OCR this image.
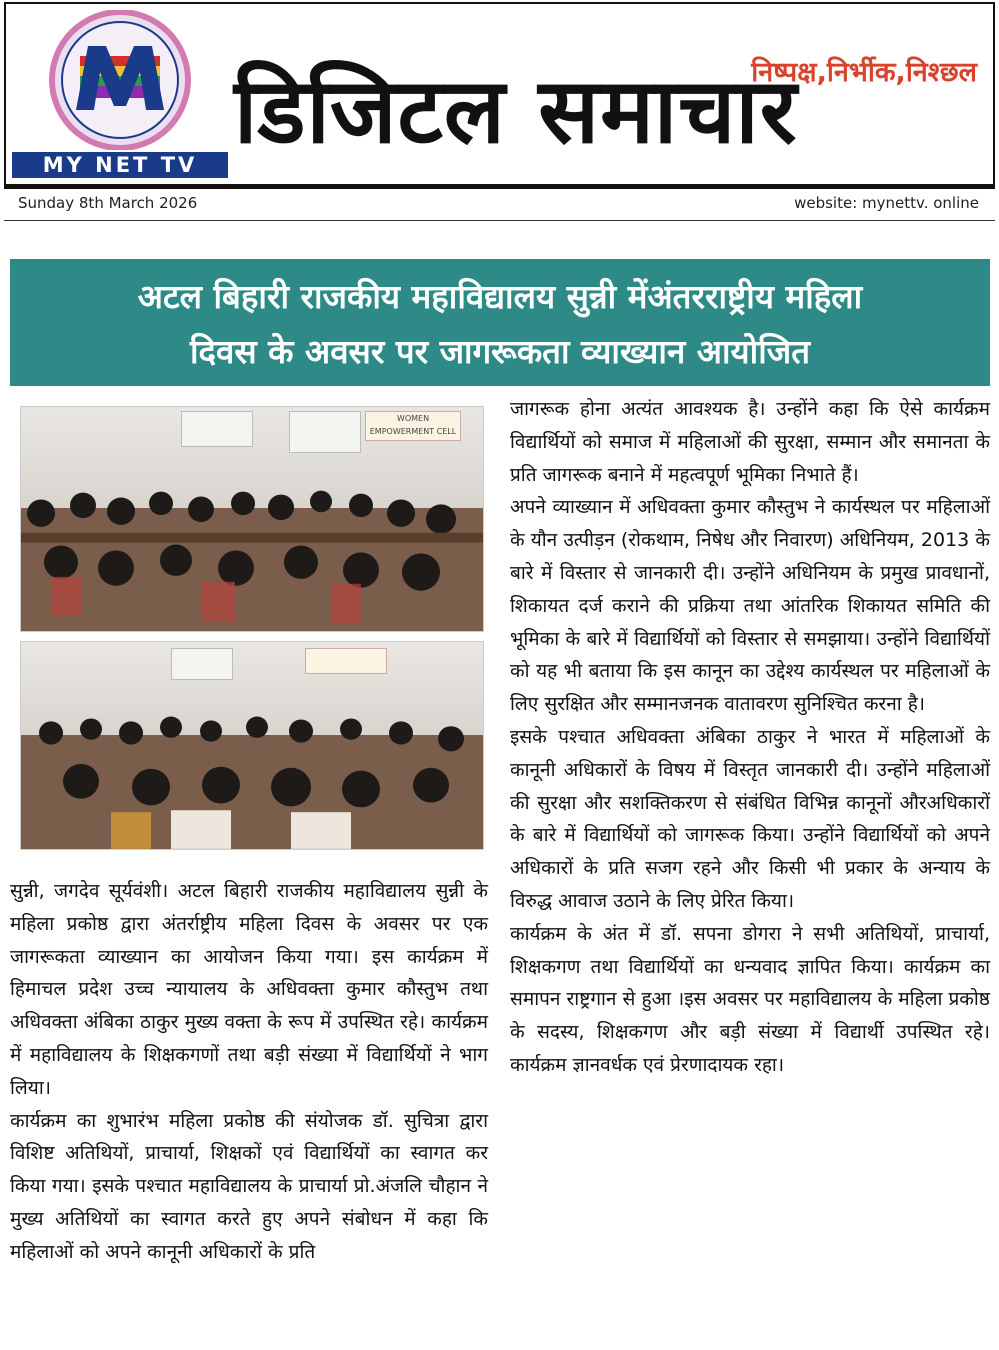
MY NET TV
निष्पक्ष,निर्भीक,निश्छल
डिजिटल समाचार
Sunday 8th March 2026	website: mynettv. online
अटल बिहारी राजकीय महाविद्यालय सुन्नी मेंअंतरराष्ट्रीय महिला
दिवस के अवसर पर जागरूकता व्याख्यान आयोजित
WOMEN EMPOWERMENT CELL

सुन्नी, जगदेव सूर्यवंशी। अटल बिहारी राजकीय महाविद्यालय सुन्नी के महिला प्रकोष्ठ द्वारा अंतर्राष्ट्रीय महिला दिवस के अवसर पर एक जागरूकता व्याख्यान का आयोजन किया गया। इस कार्यक्रम में हिमाचल प्रदेश उच्च न्यायालय के अधिवक्ता कुमार कौस्तुभ तथा अधिवक्ता अंबिका ठाकुर मुख्य वक्ता के रूप में उपस्थित रहे। कार्यक्रम में महाविद्यालय के शिक्षकगणों तथा बड़ी संख्या में विद्यार्थियों ने भाग लिया।

कार्यक्रम का शुभारंभ महिला प्रकोष्ठ की संयोजक डॉ. सुचित्रा द्वारा विशिष्ट अतिथियों, प्राचार्या, शिक्षकों एवं विद्यार्थियों का स्वागत कर किया गया। इसके पश्चात महाविद्यालय के प्राचार्या प्रो.अंजलि चौहान ने मुख्य अतिथियों का स्वागत करते हुए अपने संबोधन में कहा कि महिलाओं को अपने कानूनी अधिकारों के प्रति

जागरूक होना अत्यंत आवश्यक है। उन्होंने कहा कि ऐसे कार्यक्रम विद्यार्थियों को समाज में महिलाओं की सुरक्षा, सम्मान और समानता के प्रति जागरूक बनाने में महत्वपूर्ण भूमिका निभाते हैं।

अपने व्याख्यान में अधिवक्ता कुमार कौस्तुभ ने कार्यस्थल पर महिलाओं के यौन उत्पीड़न (रोकथाम, निषेध और निवारण) अधिनियम, 2013 के बारे में विस्तार से जानकारी दी। उन्होंने अधिनियम के प्रमुख प्रावधानों, शिकायत दर्ज कराने की प्रक्रिया तथा आंतरिक शिकायत समिति की भूमिका के बारे में विद्यार्थियों को विस्तार से समझाया। उन्होंने विद्यार्थियों को यह भी बताया कि इस कानून का उद्देश्य कार्यस्थल पर महिलाओं के लिए सुरक्षित और सम्मानजनक वातावरण सुनिश्चित करना है।

इसके पश्चात अधिवक्ता अंबिका ठाकुर ने भारत में महिलाओं के कानूनी अधिकारों के विषय में विस्तृत जानकारी दी। उन्होंने महिलाओं की सुरक्षा और सशक्तिकरण से संबंधित विभिन्न कानूनों औरअधिकारों के बारे में विद्यार्थियों को जागरूक किया। उन्होंने विद्यार्थियों को अपने अधिकारों के प्रति सजग रहने और किसी भी प्रकार के अन्याय के विरुद्ध आवाज उठाने के लिए प्रेरित किया।

कार्यक्रम के अंत में डॉ. सपना डोगरा ने सभी अतिथियों, प्राचार्या, शिक्षकगण तथा विद्यार्थियों का धन्यवाद ज्ञापित किया। कार्यक्रम का समापन राष्ट्रगान से हुआ ।इस अवसर पर महाविद्यालय के महिला प्रकोष्ठ के सदस्य, शिक्षकगण और बड़ी संख्या में विद्यार्थी उपस्थित रहे। कार्यक्रम ज्ञानवर्धक एवं प्रेरणादायक रहा।
